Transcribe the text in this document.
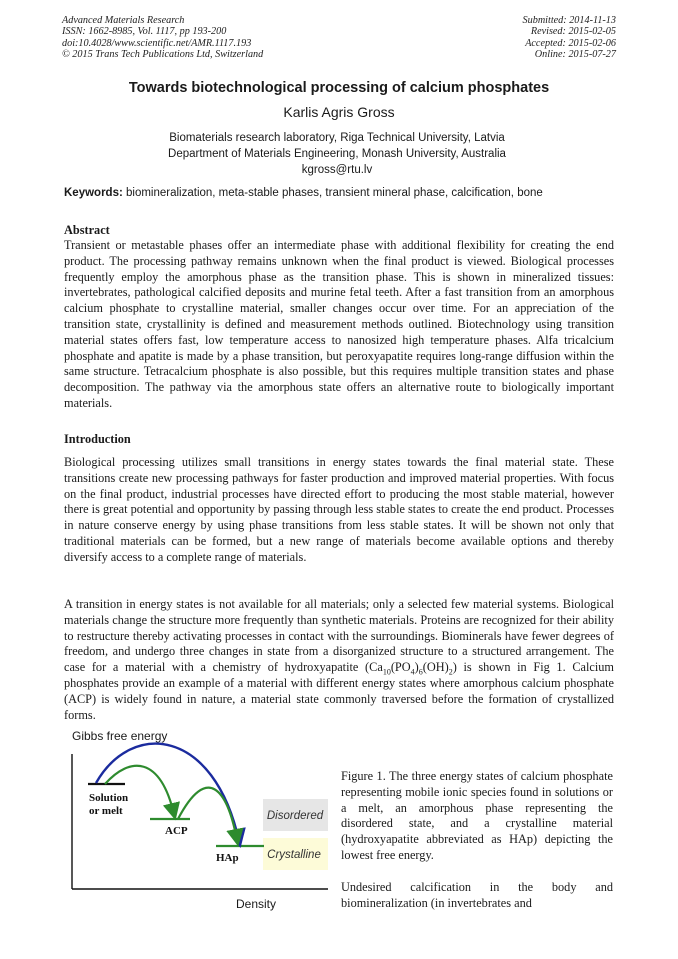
Advanced Materials Research
ISSN: 1662-8985, Vol. 1117, pp 193-200
doi:10.4028/www.scientific.net/AMR.1117.193
© 2015 Trans Tech Publications Ltd, Switzerland
Submitted: 2014-11-13
Revised: 2015-02-05
Accepted: 2015-02-06
Online: 2015-07-27
Towards biotechnological processing of calcium phosphates
Karlis Agris Gross
Biomaterials research laboratory, Riga Technical University, Latvia
Department of Materials Engineering, Monash University, Australia
kgross@rtu.lv
Keywords: biomineralization, meta-stable phases, transient mineral phase, calcification, bone
Abstract
Transient or metastable phases offer an intermediate phase with additional flexibility for creating the end product. The processing pathway remains unknown when the final product is viewed. Biological processes frequently employ the amorphous phase as the transition phase. This is shown in mineralized tissues: invertebrates, pathological calcified deposits and murine fetal teeth. After a fast transition from an amorphous calcium phosphate to crystalline material, smaller changes occur over time. For an appreciation of the transition state, crystallinity is defined and measurement methods outlined. Biotechnology using transition material states offers fast, low temperature access to nanosized high temperature phases. Alfa tricalcium phosphate and apatite is made by a phase transition, but peroxyapatite requires long-range diffusion within the same structure. Tetracalcium phosphate is also possible, but this requires multiple transition states and phase decomposition. The pathway via the amorphous state offers an alternative route to biologically important materials.
Introduction
Biological processing utilizes small transitions in energy states towards the final material state. These transitions create new processing pathways for faster production and improved material properties. With focus on the final product, industrial processes have directed effort to producing the most stable material, however there is great potential and opportunity by passing through less stable states to create the end product. Processes in nature conserve energy by using phase transitions from less stable states. It will be shown not only that traditional materials can be formed, but a new range of materials become available options and thereby diversify access to a complete range of materials.
A transition in energy states is not available for all materials; only a selected few material systems. Biological materials change the structure more frequently than synthetic materials. Proteins are recognized for their ability to restructure thereby activating processes in contact with the surroundings. Biominerals have fewer degrees of freedom, and undergo three changes in state from a disorganized structure to a structured arrangement. The case for a material with a chemistry of hydroxyapatite $(Ca_{10}(PO_4)_6(OH)_2)$ is shown in Fig 1. Calcium phosphates provide an example of a material with different energy states where amorphous calcium phosphate (ACP) is widely found in nature, a material state commonly traversed before the formation of crystallized forms.
Gibbs free energy
Disordered
Crystalline
Solution
or melt
ACP
HAp
Density
Figure 1. The three energy states of calcium phosphate representing mobile ionic species found in solutions or a melt, an amorphous phase representing the disordered state, and a crystalline material (hydroxyapatite abbreviated as HAp) depicting the lowest free energy.
Undesired calcification in the body and biomineralization (in invertebrates and
